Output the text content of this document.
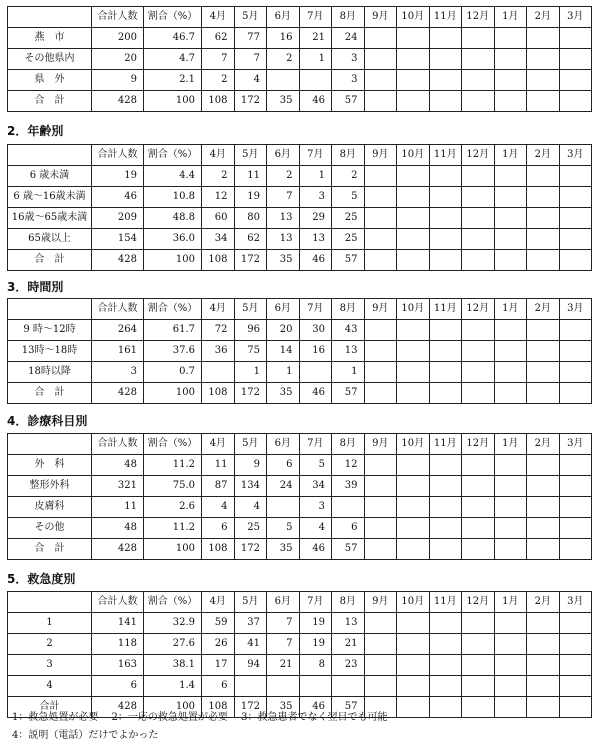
	合計人数	割合（%）	4月	5月	6月	7月	8月	9月	10月	11月	12月	1月	2月	3月
燕　市	200	46.7	62	77	16	21	24							
その他県内	20	4.7	7	7	2	1	3							
県　外	9	2.1	2	4			3							
合　計	428	100	108	172	35	46	57							
2．年齢別
	合計人数	割合（%）	4月	5月	6月	7月	8月	9月	10月	11月	12月	1月	2月	3月
6 歳未満	19	4.4	2	11	2	1	2							
6 歳～16歳未満	46	10.8	12	19	7	3	5							
16歳～65歳未満	209	48.8	60	80	13	29	25							
65歳以上	154	36.0	34	62	13	13	25							
合　計	428	100	108	172	35	46	57							
3．時間別
	合計人数	割合（%）	4月	5月	6月	7月	8月	9月	10月	11月	12月	1月	2月	3月
9 時～12時	264	61.7	72	96	20	30	43							
13時～18時	161	37.6	36	75	14	16	13							
18時以降	3	0.7		1	1		1							
合　計	428	100	108	172	35	46	57							
4．診療科目別
	合計人数	割合（%）	4月	5月	6月	7月	8月	9月	10月	11月	12月	1月	2月	3月
外　科	48	11.2	11	9	6	5	12							
整形外科	321	75.0	87	134	24	34	39							
皮膚科	11	2.6	4	4		3								
その他	48	11.2	6	25	5	4	6							
合　計	428	100	108	172	35	46	57							
5．救急度別
	合計人数	割合（%）	4月	5月	6月	7月	8月	9月	10月	11月	12月	1月	2月	3月
1	141	32.9	59	37	7	19	13							
2	118	27.6	26	41	7	19	21							
3	163	38.1	17	94	21	8	23							
4	6	1.4	6											
合計	428	100	108	172	35	46	57							
1：救急処置が必要　 2：一応の救急処置が必要　 3：救急患者でなく翌日でも可能
4：説明（電話）だけでよかった
